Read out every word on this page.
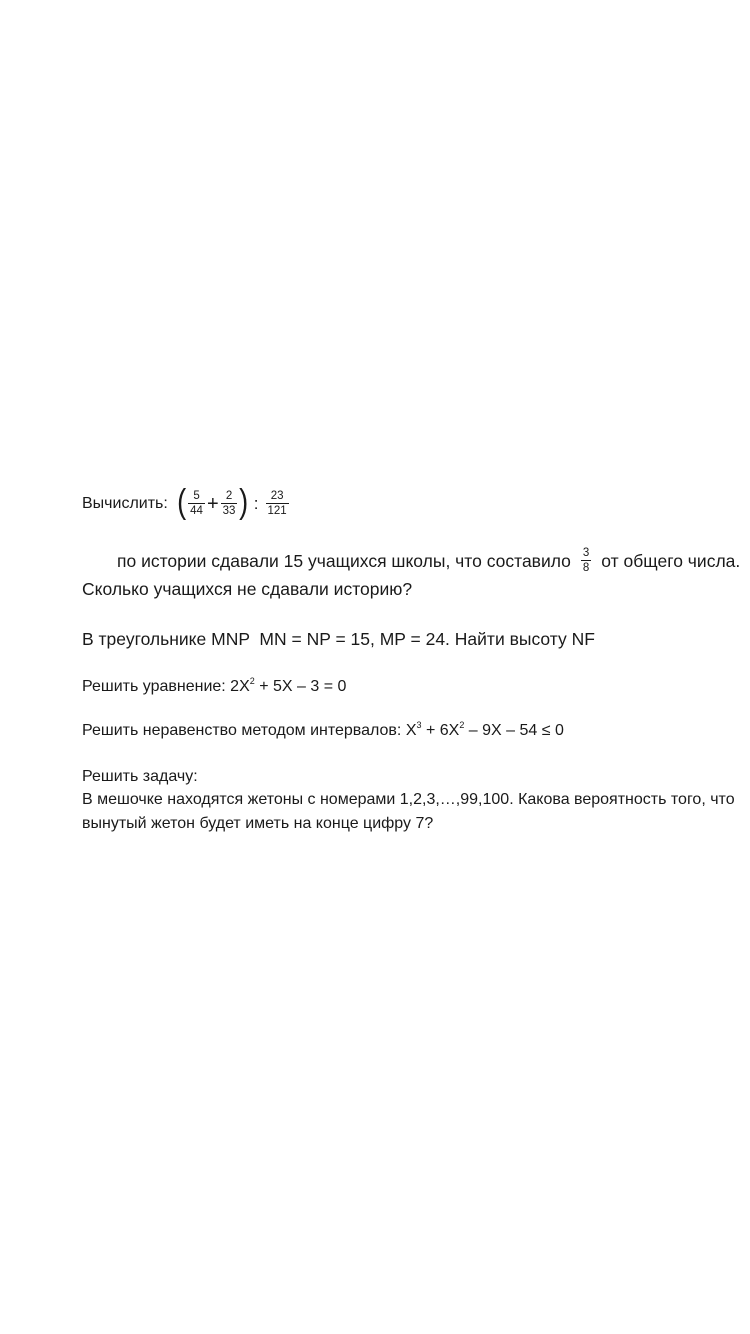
Вычислить: ( $\frac{5}{44} + \frac{2}{33}$ ) : $\frac{23}{121}$
по истории сдавали 15 учащихся школы, что составило $\frac{3}{8}$ от общего числа.
Сколько учащихся не сдавали историю?
В треугольнике MNP  MN = NP = 15, MP = 24. Найти высоту NF
Решить уравнение: $2X^2 + 5X - 3 = 0$
Решить неравенство методом интервалов: $X^3 + 6X^2 - 9X - 54 \le 0$
Решить задачу:
В мешочке находятся жетоны с номерами 1,2,3,…,99,100. Какова вероятность того, что
вынутый жетон будет иметь на конце цифру 7?
